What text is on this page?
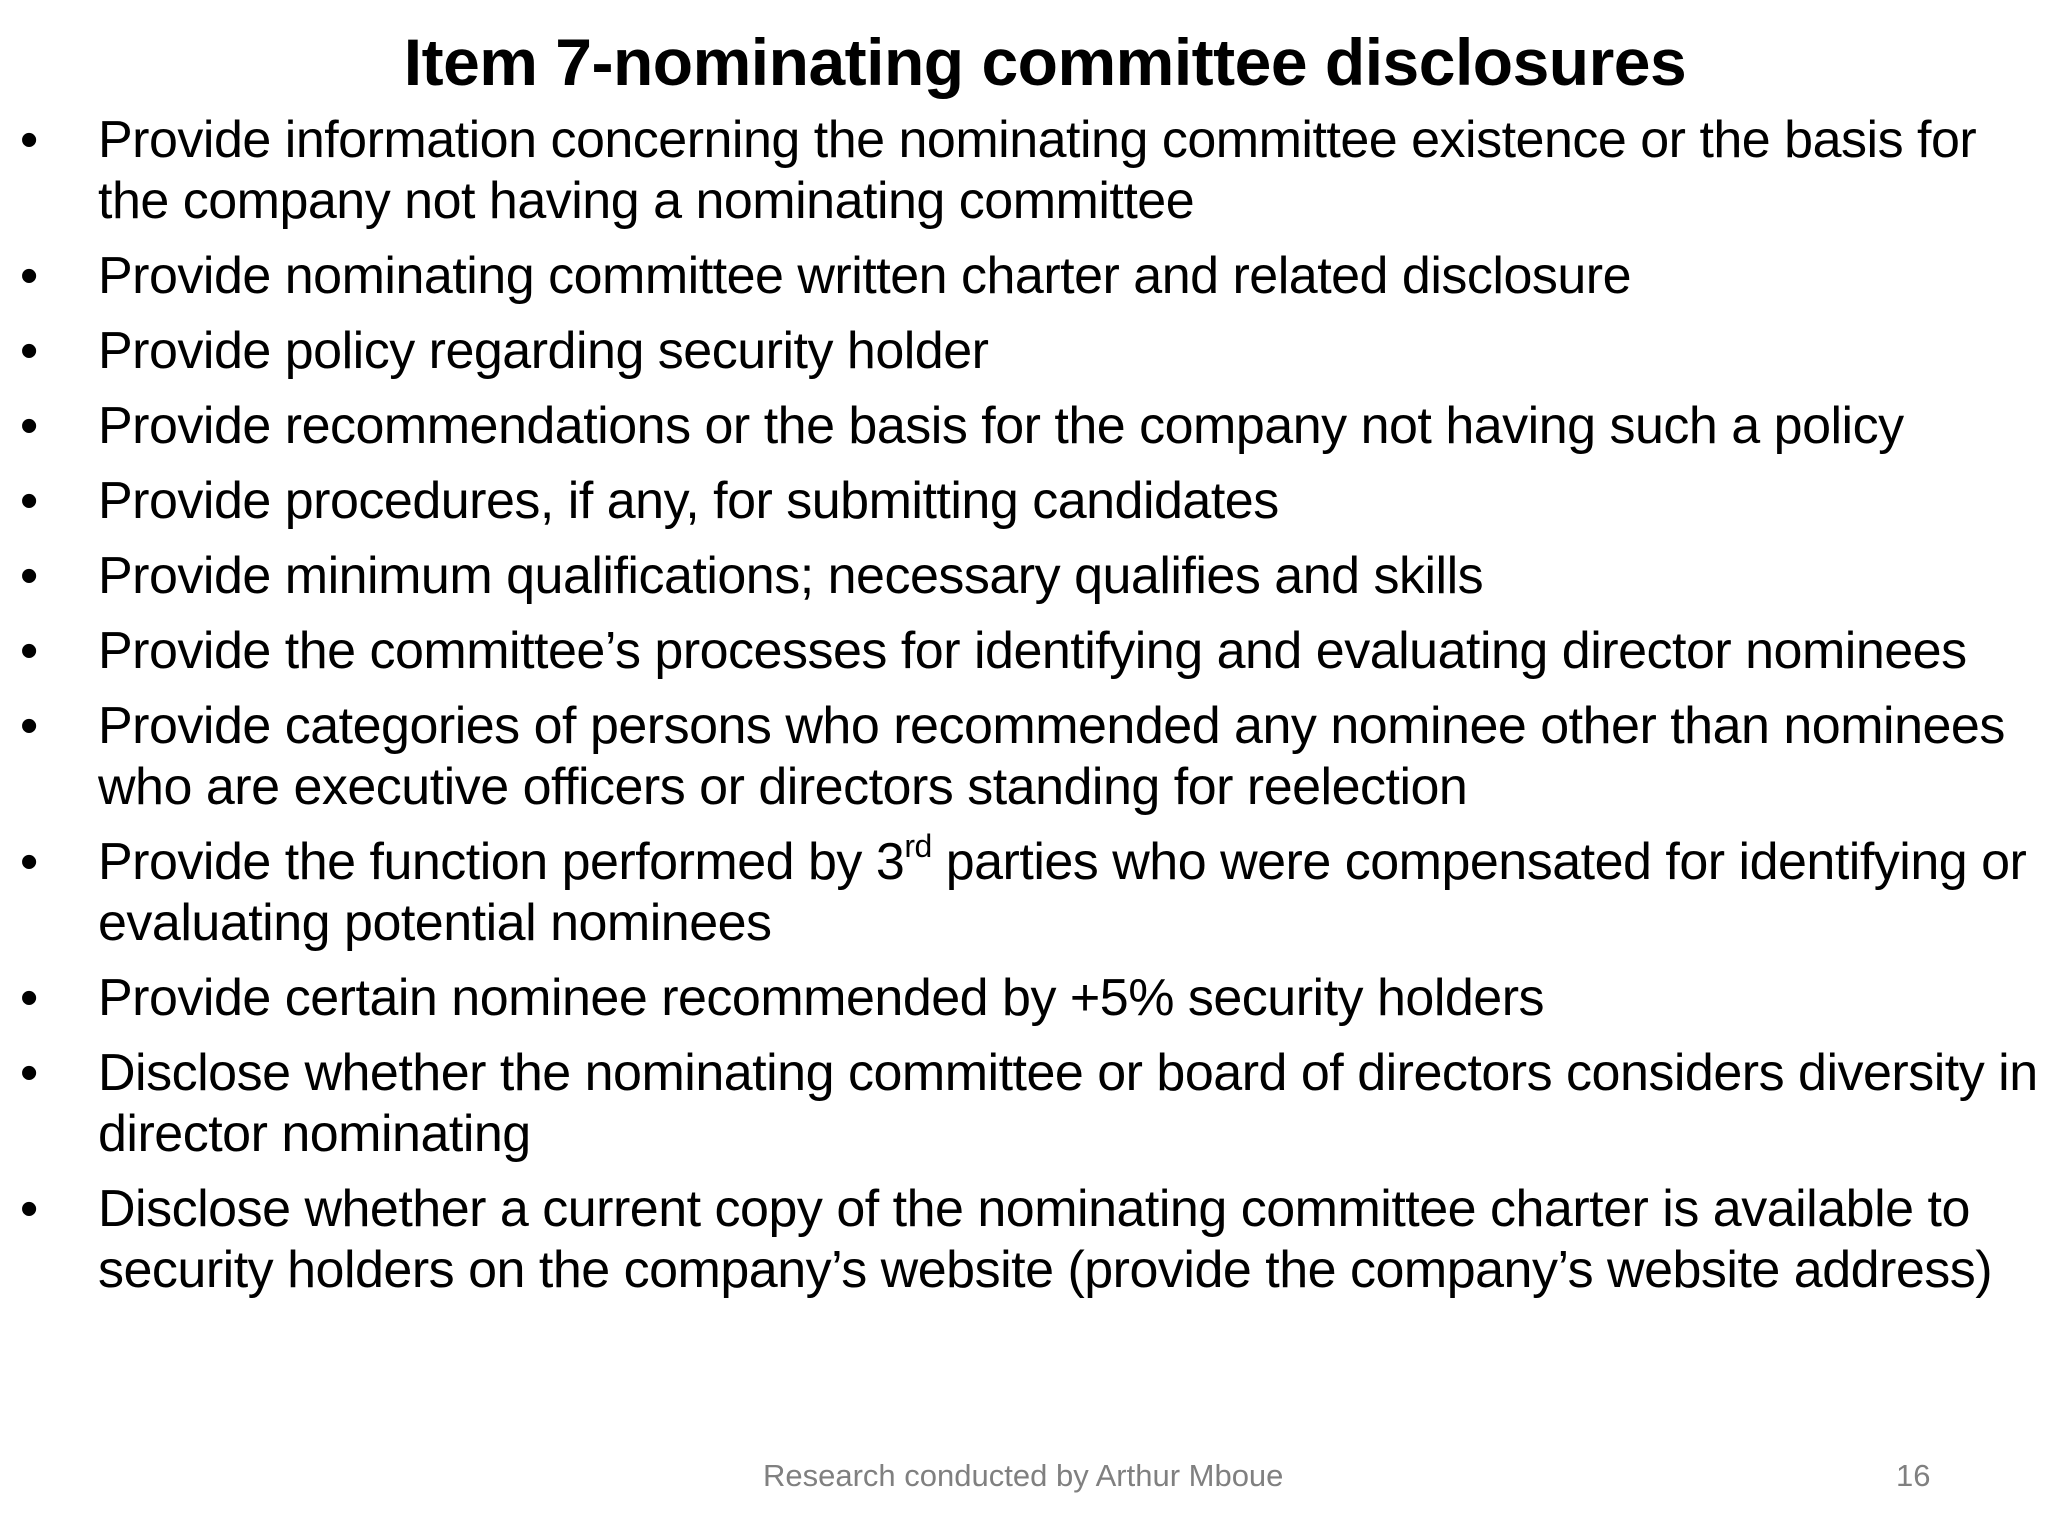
Item 7-nominating committee disclosures
•	Provide information concerning the nominating committee existence or the basis for the company not having a nominating committee
•	Provide nominating committee written charter and related disclosure
•	Provide policy regarding security holder
•	Provide recommendations or the basis for the company not having such a policy
•	Provide procedures, if any, for submitting candidates
•	Provide minimum qualifications; necessary qualifies and skills
•	Provide the committee’s processes for identifying and evaluating director nominees
•	Provide categories of persons who recommended any nominee other than nominees who are executive officers or directors standing for reelection
•	Provide the function performed by 3rd parties who were compensated for identifying or evaluating potential nominees
•	Provide certain nominee recommended by +5% security holders
•	Disclose whether the nominating committee or board of directors considers diversity in director nominating
•	Disclose whether a current copy of the nominating committee charter is available to security holders on the company’s website (provide the company’s website address)
Research conducted by Arthur Mboue	16
